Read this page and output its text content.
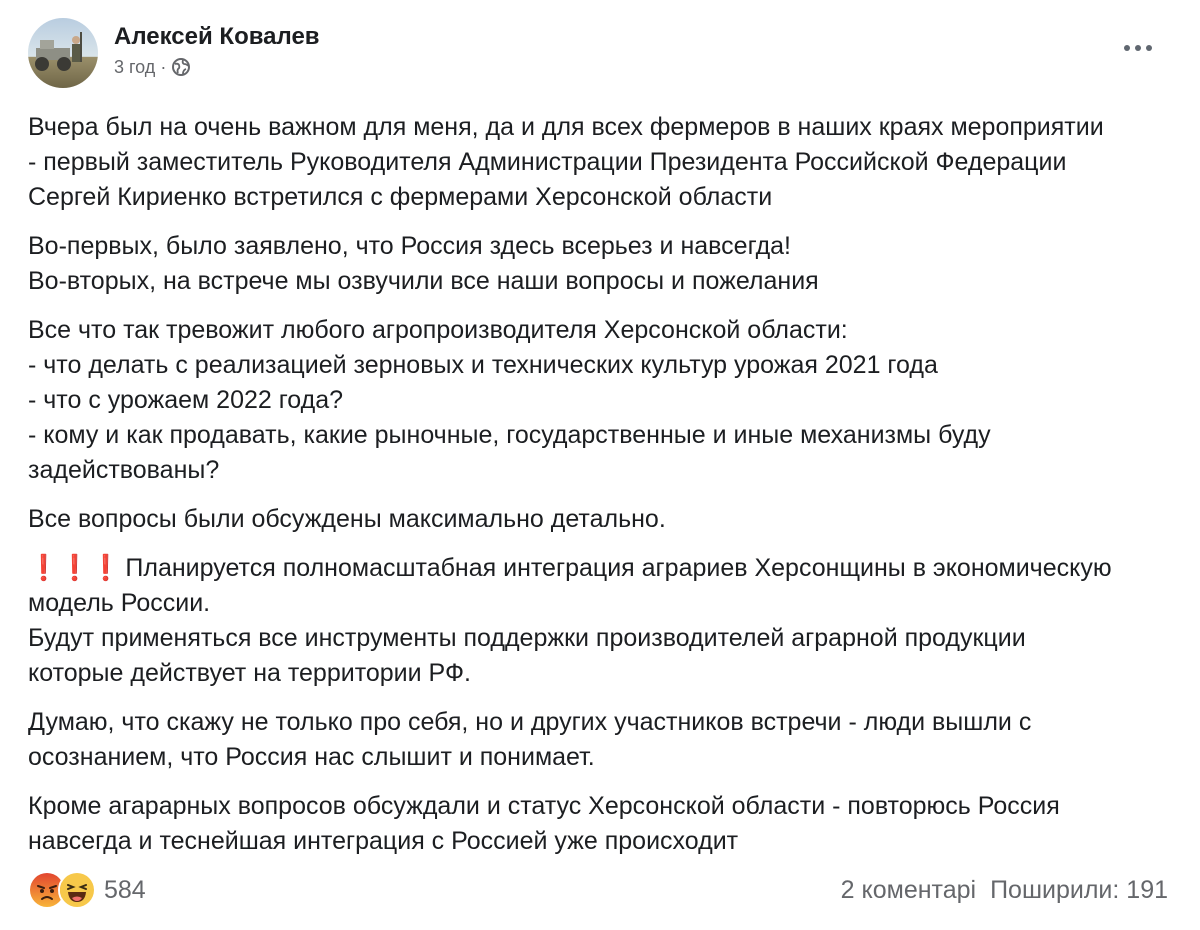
Алексей Ковалев
3 год ·
Вчера был на очень важном для меня, да и для всех фермеров в наших краях мероприятии
- первый заместитель Руководителя Администрации Президента Российской Федерации
Сергей Кириенко встретился с фермерами Херсонской области
Во-первых, было заявлено, что Россия здесь всерьез и навсегда!
Во-вторых, на встрече мы озвучили все наши вопросы и пожелания
Все что так тревожит любого агропроизводителя Херсонской области:
- что делать с реализацией зерновых и технических культур урожая 2021 года
- что с урожаем 2022 года?
- кому и как продавать, какие рыночные, государственные и иные механизмы буду
задействованы?
Все вопросы были обсуждены максимально детально.
❗❗❗ Планируется полномасштабная интеграция аграриев Херсонщины в экономическую
модель России.
Будут применяться все инструменты поддержки производителей аграрной продукции
которые действует на территории РФ.
Думаю, что скажу не только про себя, но и других участников встречи - люди вышли с
осознанием, что Россия нас слышит и понимает.
Кроме агарарных вопросов обсуждали и статус Херсонской области - повторюсь Россия
навсегда и теснейшая интеграция с Россией уже происходит
584	2 коментарі Поширили: 191
